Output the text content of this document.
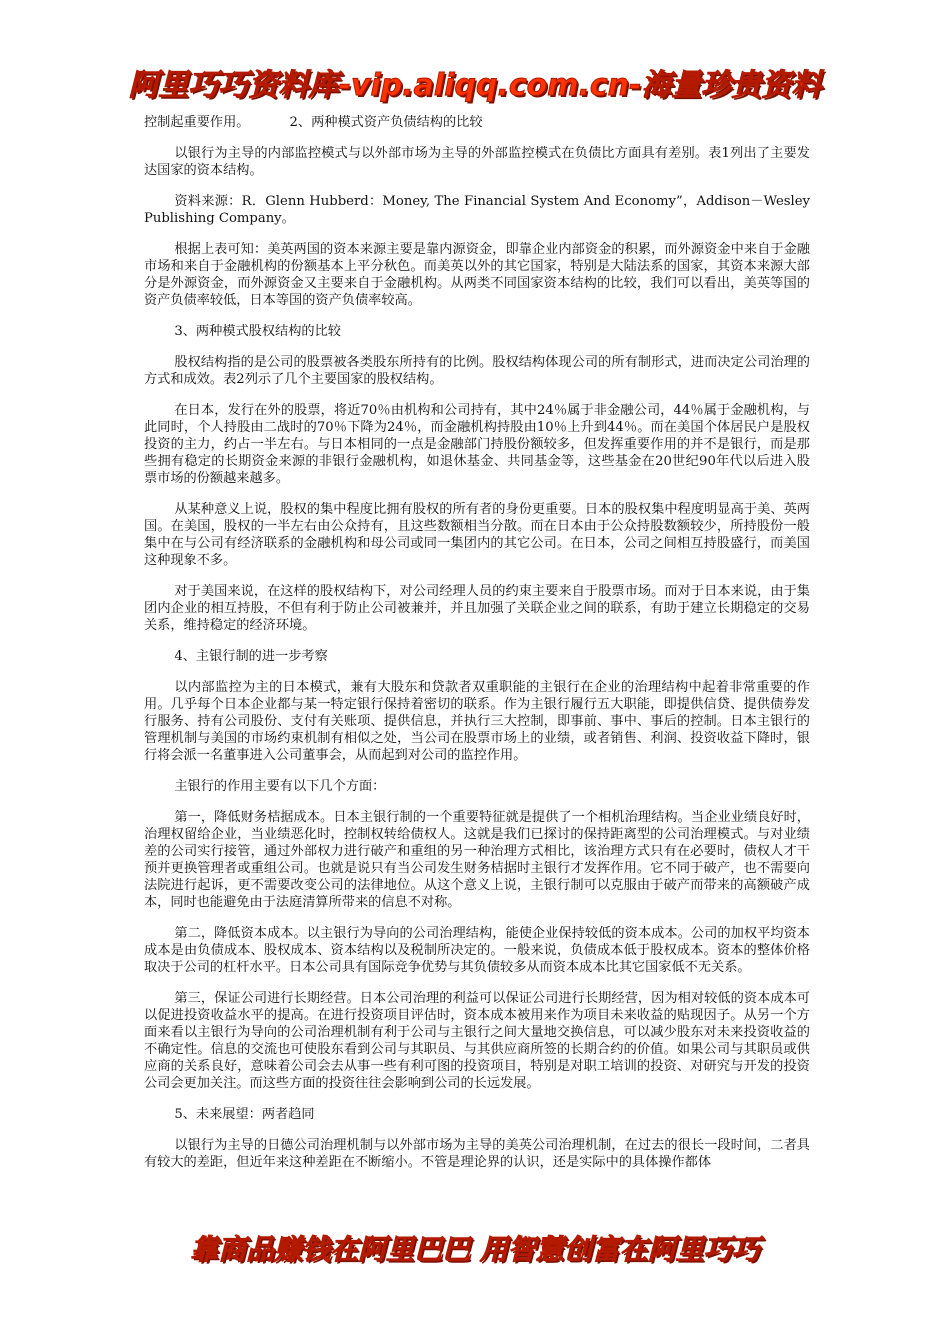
阿里巧巧资料库-vip.aliqq.com.cn-海量珍贵资料

控制起重要作用。	2、两种模式资产负债结构的比较

以银行为主导的内部监控模式与以外部市场为主导的外部监控模式在负债比方面具有差别。表1列出了主要发达国家的资本结构。

资料来源：R．Glenn Hubberd：Money, The Financial System And Economy”，Addison－Wesley Publishing Company。

根据上表可知：美英两国的资本来源主要是靠内源资金，即靠企业内部资金的积累，而外源资金中来自于金融市场和来自于金融机构的份额基本上平分秋色。而美英以外的其它国家，特别是大陆法系的国家，其资本来源大部分是外源资金，而外源资金又主要来自于金融机构。从两类不同国家资本结构的比较，我们可以看出，美英等国的资产负债率较低，日本等国的资产负债率较高。

3、两种模式股权结构的比较

股权结构指的是公司的股票被各类股东所持有的比例。股权结构体现公司的所有制形式，进而决定公司治理的方式和成效。表2列示了几个主要国家的股权结构。

在日本，发行在外的股票，将近70％由机构和公司持有，其中24％属于非金融公司，44％属于金融机构，与此同时，个人持股由二战时的70％下降为24％，而金融机构持股由10％上升到44％。而在美国个体居民户是股权投资的主力，约占一半左右。与日本相同的一点是金融部门持股份额较多，但发挥重要作用的并不是银行，而是那些拥有稳定的长期资金来源的非银行金融机构，如退休基金、共同基金等，这些基金在20世纪90年代以后进入股票市场的份额越来越多。

从某种意义上说，股权的集中程度比拥有股权的所有者的身份更重要。日本的股权集中程度明显高于美、英两国。在美国，股权的一半左右由公众持有，且这些数额相当分散。而在日本由于公众持股数额较少，所持股份一般集中在与公司有经济联系的金融机构和母公司或同一集团内的其它公司。在日本，公司之间相互持股盛行，而美国这种现象不多。

对于美国来说，在这样的股权结构下，对公司经理人员的约束主要来自于股票市场。而对于日本来说，由于集团内企业的相互持股，不但有利于防止公司被兼并，并且加强了关联企业之间的联系，有助于建立长期稳定的交易关系，维持稳定的经济环境。

4、主银行制的进一步考察

以内部监控为主的日本模式，兼有大股东和贷款者双重职能的主银行在企业的治理结构中起着非常重要的作用。几乎每个日本企业都与某一特定银行保持着密切的联系。作为主银行履行五大职能，即提供信贷、提供债券发行服务、持有公司股份、支付有关账项、提供信息，并执行三大控制，即事前、事中、事后的控制。日本主银行的管理机制与美国的市场约束机制有相似之处，当公司在股票市场上的业绩，或者销售、利润、投资收益下降时，银行将会派一名董事进入公司董事会，从而起到对公司的监控作用。

主银行的作用主要有以下几个方面：

第一，降低财务桔据成本。日本主银行制的一个重要特征就是提供了一个相机治理结构。当企业业绩良好时，治理权留给企业，当业绩恶化时，控制权转给债权人。这就是我们已探讨的保持距离型的公司治理模式。与对业绩差的公司实行接管，通过外部权力进行破产和重组的另一种治理方式相比，该治理方式只有在必要时，债权人才干预并更换管理者或重组公司。也就是说只有当公司发生财务桔据时主银行才发挥作用。它不同于破产，也不需要向法院进行起诉，更不需要改变公司的法律地位。从这个意义上说，主银行制可以克服由于破产而带来的高额破产成本，同时也能避免由于法庭清算所带来的信息不对称。

第二，降低资本成本。以主银行为导向的公司治理结构，能使企业保持较低的资本成本。公司的加权平均资本成本是由负债成本、股权成本、资本结构以及税制所决定的。一般来说，负债成本低于股权成本。资本的整体价格取决于公司的杠杆水平。日本公司具有国际竞争优势与其负债较多从而资本成本比其它国家低不无关系。

第三，保证公司进行长期经营。日本公司治理的利益可以保证公司进行长期经营，因为相对较低的资本成本可以促进投资收益水平的提高。在进行投资项目评估时，资本成本被用来作为项目未来收益的贴现因子。从另一个方面来看以主银行为导向的公司治理机制有利于公司与主银行之间大量地交换信息，可以减少股东对未来投资收益的不确定性。信息的交流也可使股东看到公司与其职员、与其供应商所签的长期合约的价值。如果公司与其职员或供应商的关系良好，意味着公司会去从事一些有利可图的投资项目，特别是对职工培训的投资、对研究与开发的投资公司会更加关注。而这些方面的投资往往会影响到公司的长远发展。

5、未来展望：两者趋同

以银行为主导的日德公司治理机制与以外部市场为主导的美英公司治理机制，在过去的很长一段时间，二者具有较大的差距，但近年来这种差距在不断缩小。不管是理论界的认识，还是实际中的具体操作都体

靠商品赚钱在阿里巴巴 用智慧创富在阿里巧巧
